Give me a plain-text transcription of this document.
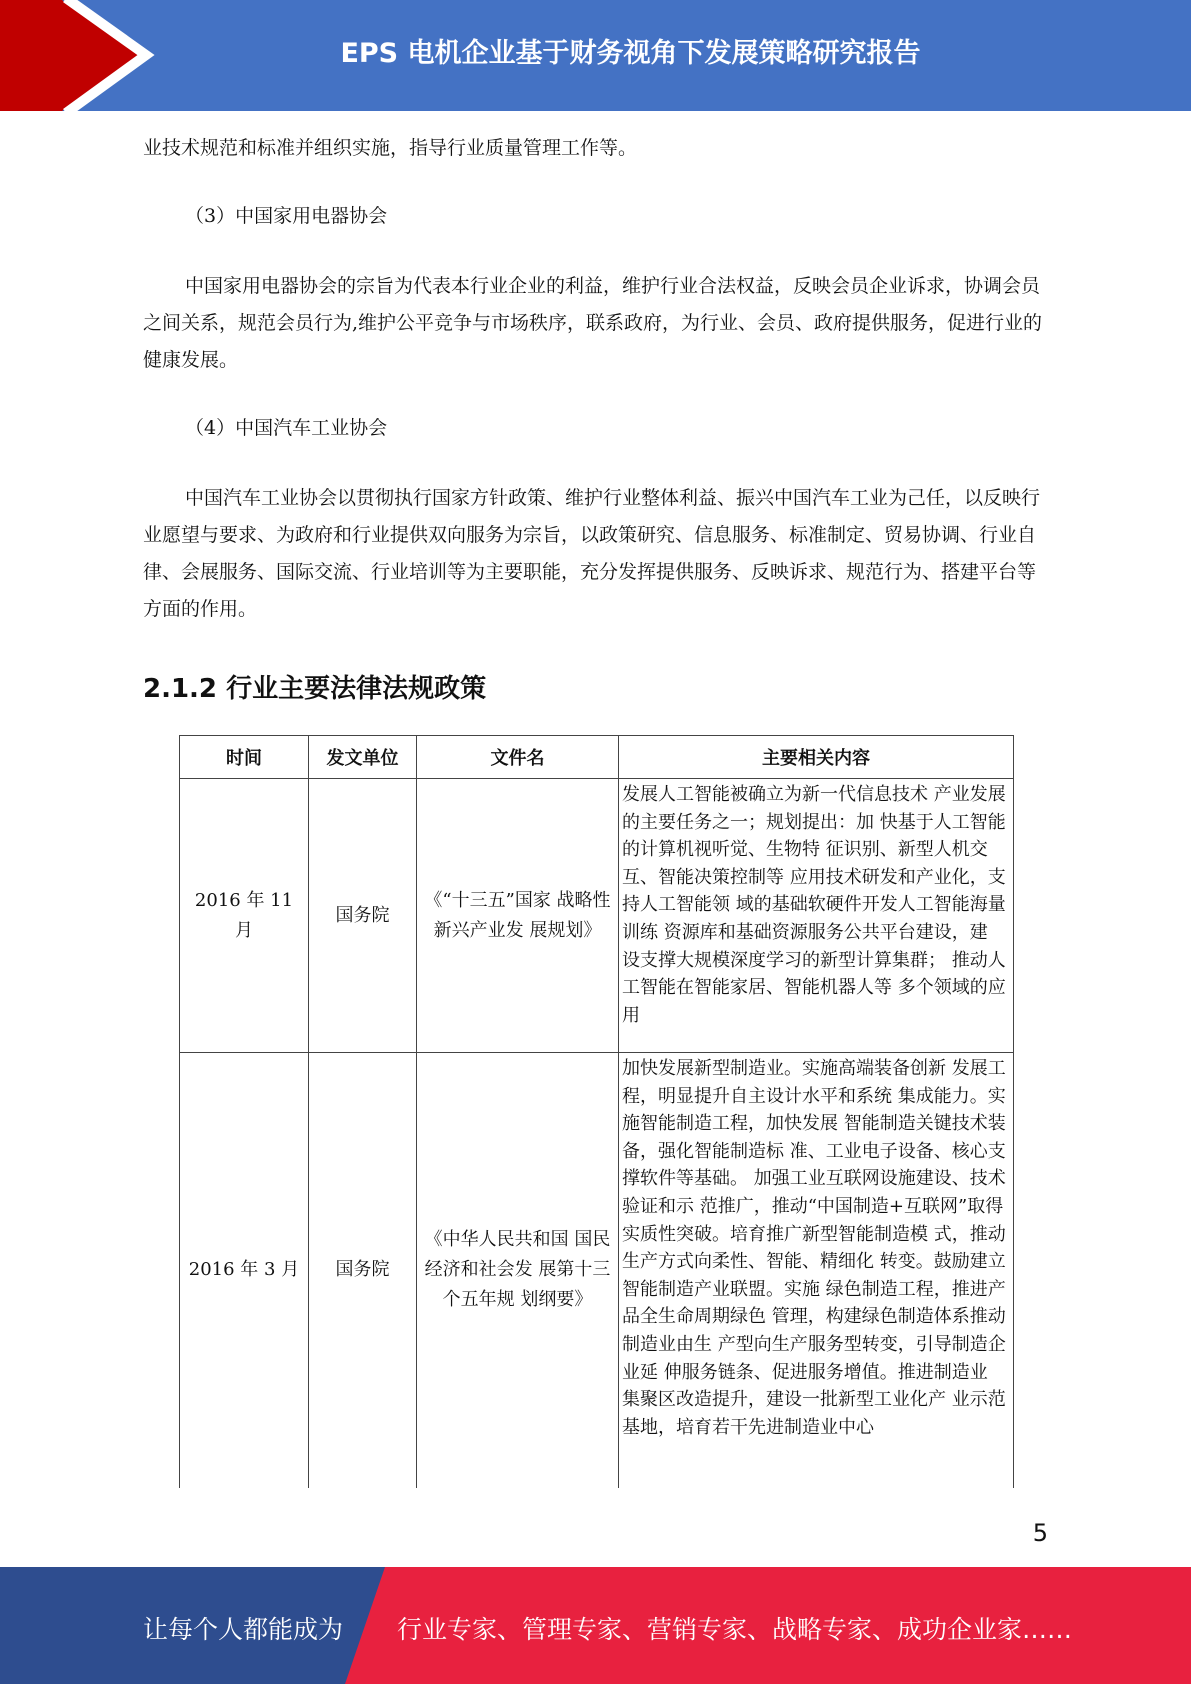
EPS 电机企业基于财务视角下发展策略研究报告

业技术规范和标准并组织实施，指导行业质量管理工作等。

（3）中国家用电器协会

中国家用电器协会的宗旨为代表本行业企业的利益，维护行业合法权益，反映会员企业诉求，协调会员之间关系，规范会员行为,维护公平竞争与市场秩序，联系政府，为行业、会员、政府提供服务，促进行业的健康发展。

（4）中国汽车工业协会

中国汽车工业协会以贯彻执行国家方针政策、维护行业整体利益、振兴中国汽车工业为己任，以反映行业愿望与要求、为政府和行业提供双向服务为宗旨，以政策研究、信息服务、标准制定、贸易协调、行业自律、会展服务、国际交流、行业培训等为主要职能，充分发挥提供服务、反映诉求、规范行为、搭建平台等方面的作用。

2.1.2 行业主要法律法规政策
时间	发文单位	文件名	主要相关内容
2016 年 11 月	国务院	《“十三五”国家 战略性新兴产业发 展规划》	发展人工智能被确立为新一代信息技术 产业发展的主要任务之一；规划提出：加 快基于人工智能的计算机视听觉、生物特 征识别、新型人机交互、智能决策控制等 应用技术研发和产业化，支持人工智能领 域的基础软硬件开发人工智能海量训练 资源库和基础资源服务公共平台建设，建 设支撑大规模深度学习的新型计算集群； 推动人工智能在智能家居、智能机器人等 多个领域的应用
2016 年 3 月	国务院	《中华人民共和国 国民经济和社会发 展第十三个五年规 划纲要》	加快发展新型制造业。实施高端装备创新 发展工程，明显提升自主设计水平和系统 集成能力。实施智能制造工程，加快发展 智能制造关键技术装备，强化智能制造标 准、工业电子设备、核心支撑软件等基础。 加强工业互联网设施建设、技术验证和示 范推广，推动“中国制造+互联网”取得 实质性突破。培育推广新型智能制造模 式，推动生产方式向柔性、智能、精细化 转变。鼓励建立智能制造产业联盟。实施 绿色制造工程，推进产品全生命周期绿色 管理，构建绿色制造体系推动制造业由生 产型向生产服务型转变，引导制造企业延 伸服务链条、促进服务增值。推进制造业 集聚区改造提升，建设一批新型工业化产 业示范基地，培育若干先进制造业中心
5
让每个人都能成为 行业专家、管理专家、营销专家、战略专家、成功企业家……
